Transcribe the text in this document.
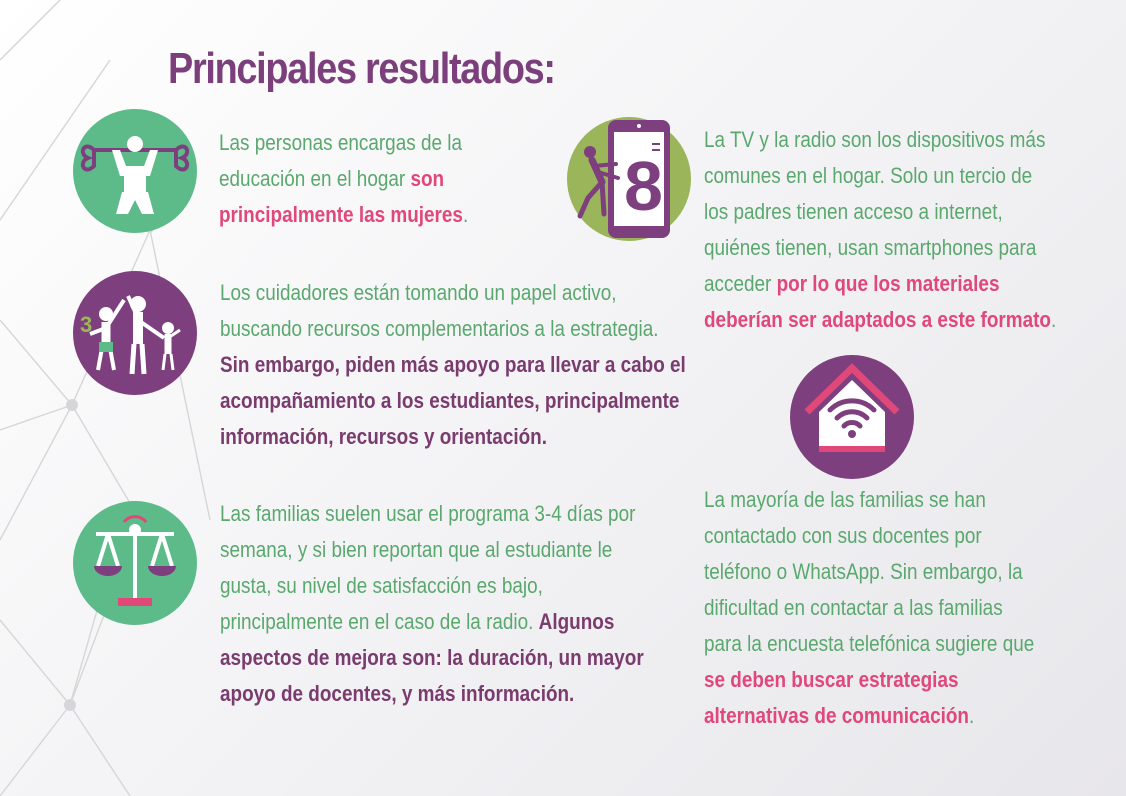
Principales resultados:
3
8
Las personas encargas de la
educación en el hogar son
principalmente las mujeres.
Los cuidadores están tomando un papel activo,
buscando recursos complementarios a la estrategia.
Sin embargo, piden más apoyo para llevar a cabo el
acompañamiento a los estudiantes, principalmente
información, recursos y orientación.
Las familias suelen usar el programa 3-4 días por
semana, y si bien reportan que al estudiante le
gusta, su nivel de satisfacción es bajo,
principalmente en el caso de la radio. Algunos
aspectos de mejora son: la duración, un mayor
apoyo de docentes, y más información.
La TV y la radio son los dispositivos más
comunes en el hogar. Solo un tercio de
los padres tienen acceso a internet,
quiénes tienen, usan smartphones para
acceder por lo que los materiales
deberían ser adaptados a este formato.
La mayoría de las familias se han
contactado con sus docentes por
teléfono o WhatsApp. Sin embargo, la
dificultad en contactar a las familias
para la encuesta telefónica sugiere que
se deben buscar estrategias
alternativas de comunicación.
